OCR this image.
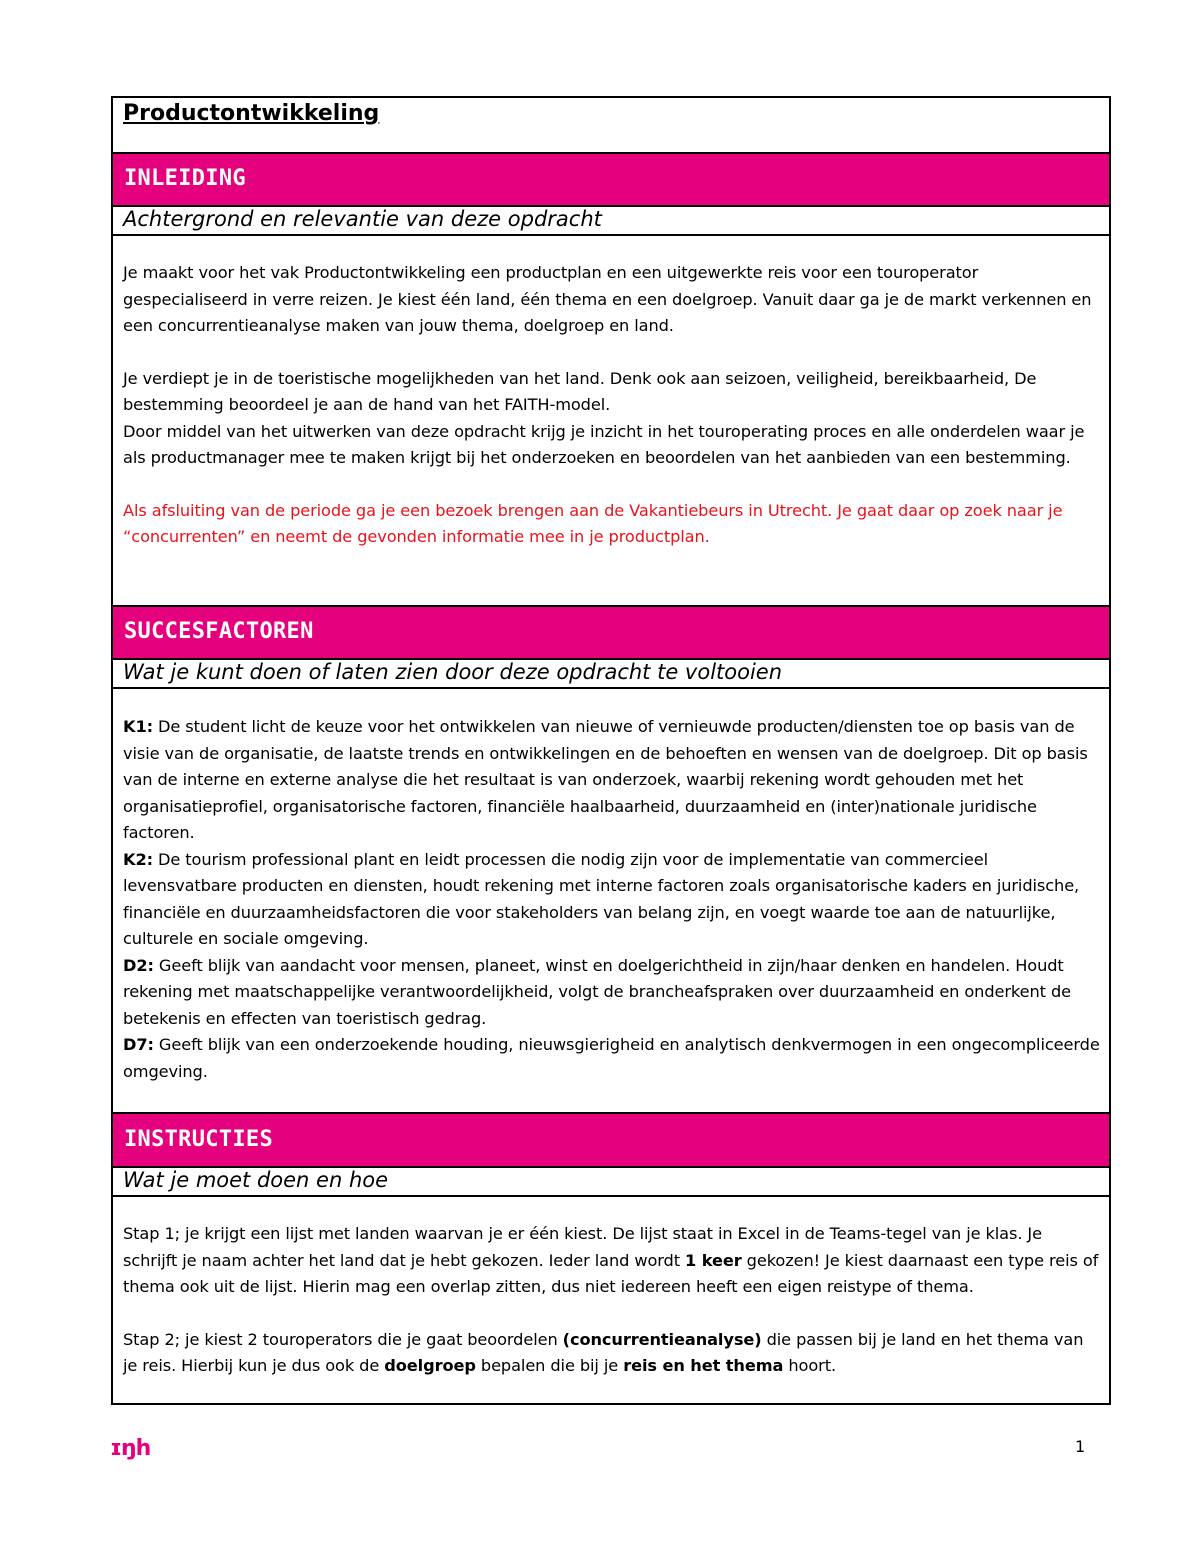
Productontwikkeling
INLEIDING
Achtergrond en relevantie van deze opdracht

Je maakt voor het vak Productontwikkeling een productplan en een uitgewerkte reis voor een touroperator gespecialiseerd in verre reizen. Je kiest één land, één thema en een doelgroep. Vanuit daar ga je de markt verkennen en een concurrentieanalyse maken van jouw thema, doelgroep en land.

Je verdiept je in de toeristische mogelijkheden van het land. Denk ook aan seizoen, veiligheid, bereikbaarheid, De bestemming beoordeel je aan de hand van het FAITH-model.

Door middel van het uitwerken van deze opdracht krijg je inzicht in het touroperating proces en alle onderdelen waar je als productmanager mee te maken krijgt bij het onderzoeken en beoordelen van het aanbieden van een bestemming.

Als afsluiting van de periode ga je een bezoek brengen aan de Vakantiebeurs in Utrecht. Je gaat daar op zoek naar je “concurrenten” en neemt de gevonden informatie mee in je productplan.

SUCCESFACTOREN
Wat je kunt doen of laten zien door deze opdracht te voltooien

K1: De student licht de keuze voor het ontwikkelen van nieuwe of vernieuwde producten/diensten toe op basis van de visie van de organisatie, de laatste trends en ontwikkelingen en de behoeften en wensen van de doelgroep. Dit op basis van de interne en externe analyse die het resultaat is van onderzoek, waarbij rekening wordt gehouden met het organisatieprofiel, organisatorische factoren, financiële haalbaarheid, duurzaamheid en (inter)nationale juridische factoren.

K2: De tourism professional plant en leidt processen die nodig zijn voor de implementatie van commercieel levensvatbare producten en diensten, houdt rekening met interne factoren zoals organisatorische kaders en juridische, financiële en duurzaamheidsfactoren die voor stakeholders van belang zijn, en voegt waarde toe aan de natuurlijke, culturele en sociale omgeving.

D2: Geeft blijk van aandacht voor mensen, planeet, winst en doelgerichtheid in zijn/haar denken en handelen. Houdt rekening met maatschappelijke verantwoordelijkheid, volgt de brancheafspraken over duurzaamheid en onderkent de betekenis en effecten van toeristisch gedrag.

D7: Geeft blijk van een onderzoekende houding, nieuwsgierigheid en analytisch denkvermogen in een ongecompliceerde omgeving.

INSTRUCTIES
Wat je moet doen en hoe

Stap 1; je krijgt een lijst met landen waarvan je er één kiest. De lijst staat in Excel in de Teams-tegel van je klas. Je schrijft je naam achter het land dat je hebt gekozen. Ieder land wordt 1 keer gekozen! Je kiest daarnaast een type reis of thema ook uit de lijst. Hierin mag een overlap zitten, dus niet iedereen heeft een eigen reistype of thema.

Stap 2; je kiest 2 touroperators die je gaat beoordelen (concurrentieanalyse) die passen bij je land en het thema van je reis. Hierbij kun je dus ook de doelgroep bepalen die bij je reis en het thema hoort.

ɪŋh	1
